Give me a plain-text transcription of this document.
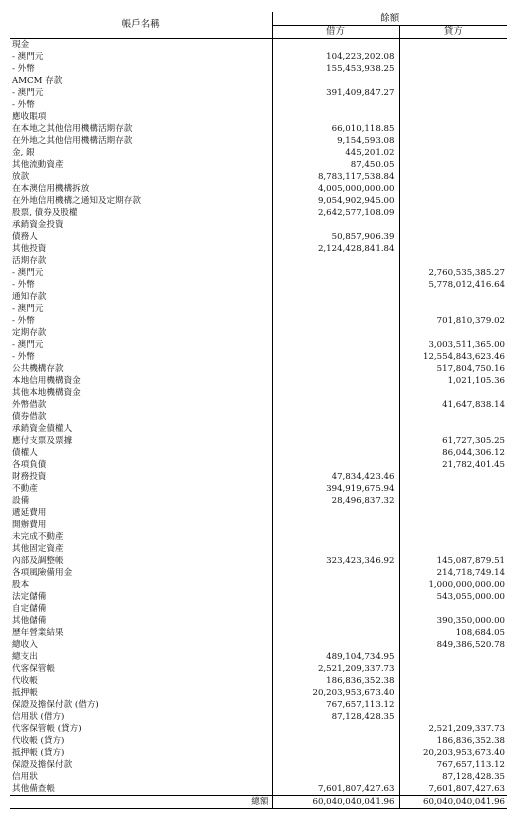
帳戶名稱	餘額	
	借方	貸方
現金		
- 澳門元	104,223,202.08	
- 外幣	155,453,938.25	
AMCM 存款		
- 澳門元	391,409,847.27	
- 外幣		
應收賬項		
在本地之其他信用機構活期存款	66,010,118.85	
在外地之其他信用機構活期存款	9,154,593.08	
金, 銀	445,201.02	
其他流動資產	87,450.05	
放款	8,783,117,538.84	
在本澳信用機構拆放	4,005,000,000.00	
在外地信用機構之通知及定期存款	9,054,902,945.00	
股票, 債券及股權	2,642,577,108.09	
承銷資金投資		
債務人	50,857,906.39	
其他投資	2,124,428,841.84	
活期存款		
- 澳門元		2,760,535,385.27
- 外幣		5,778,012,416.64
通知存款		
- 澳門元		
- 外幣		701,810,379.02
定期存款		
- 澳門元		3,003,511,365.00
- 外幣		12,554,843,623.46
公共機構存款		517,804,750.16
本地信用機構資金		1,021,105.36
其他本地機構資金		
外幣借款		41,647,838.14
債券借款		
承銷資金債權人		
應付支票及票據		61,727,305.25
債權人		86,044,306.12
各項負債		21,782,401.45
財務投資	47,834,423.46	
不動產	394,919,675.94	
設備	28,496,837.32	
遞延費用		
開辦費用		
未完成不動產		
其他固定資產		
內部及調整帳	323,423,346.92	145,087,879.51
各項風險備用金		214,718,749.14
股本		1,000,000,000.00
法定儲備		543,055,000.00
自定儲備		
其他儲備		390,350,000.00
歷年營業結果		108,684.05
總收入		849,386,520.78
總支出	489,104,734.95	
代客保管帳	2,521,209,337.73	
代收帳	186,836,352.38	
抵押帳	20,203,953,673.40	
保證及擔保付款 (借方)	767,657,113.12	
信用狀 (借方)	87,128,428.35	
代客保管帳 (貸方)		2,521,209,337.73
代收帳 (貸方)		186,836,352.38
抵押帳 (貸方)		20,203,953,673.40
保證及擔保付款		767,657,113.12
信用狀		87,128,428.35
其他備查帳	7,601,807,427.63	7,601,807,427.63
總額	60,040,040,041.96	60,040,040,041.96
